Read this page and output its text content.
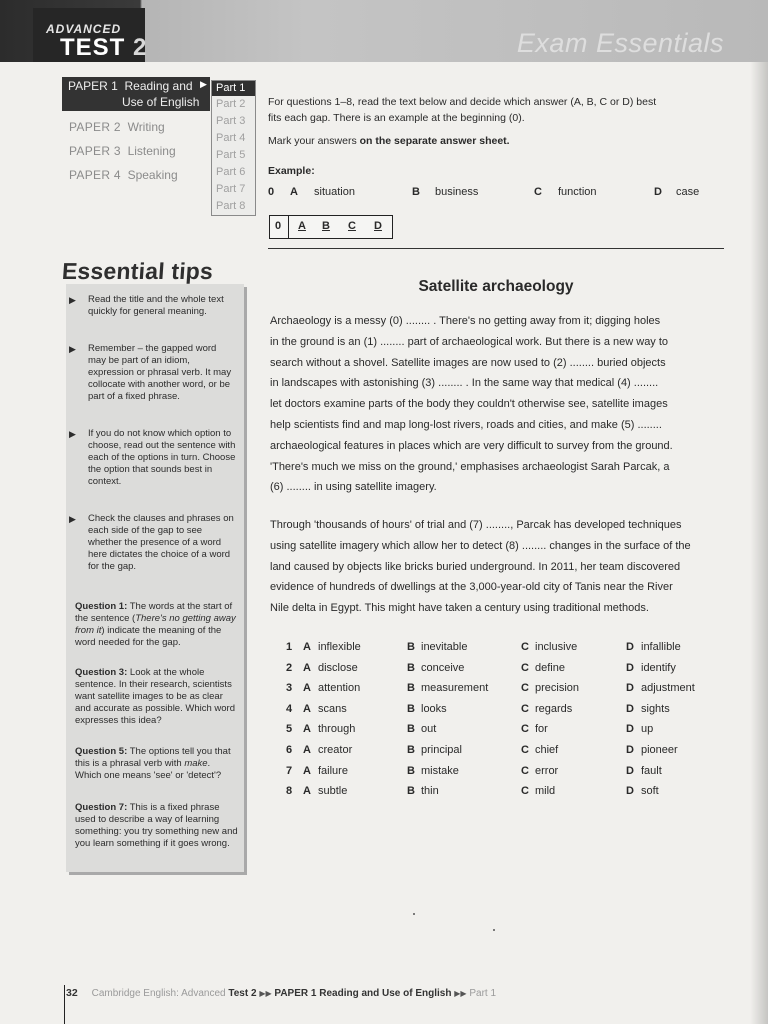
ADVANCED
TEST 2	Exam Essentials
PAPER 1 Reading and
Use of English
▶
PAPER 2 Writing
PAPER 3 Listening
PAPER 4 Speaking
Part 1
Part 2
Part 3
Part 4
Part 5
Part 6
Part 7
Part 8
Essential tips
▶ Read the title and the whole text quickly for general meaning.
▶ Remember – the gapped word may be part of an idiom, expression or phrasal verb. It may collocate with another word, or be part of a fixed phrase.
▶ If you do not know which option to choose, read out the sentence with each of the options in turn. Choose the option that sounds best in context.
▶ Check the clauses and phrases on each side of the gap to see whether the presence of a word here dictates the choice of a word for the gap.
Question 1: The words at the start of the sentence (There's no getting away from it) indicate the meaning of the word needed for the gap.
Question 3: Look at the whole sentence. In their research, scientists want satellite images to be as clear and accurate as possible. Which word expresses this idea?
Question 5: The options tell you that this is a phrasal verb with make. Which one means 'see' or 'detect'?
Question 7: This is a fixed phrase used to describe a way of learning something: you try something new and you learn something if it goes wrong.
For questions 1–8, read the text below and decide which answer (A, B, C or D) best
fits each gap. There is an example at the beginning (0).
Mark your answers on the separate answer sheet.
Example:
0 A situation	B business	C function	D case
0 A B C D
Satellite archaeology
Archaeology is a messy (0) ........ . There's no getting away from it; digging holes
in the ground is an (1) ........ part of archaeological work. But there is a new way to
search without a shovel. Satellite images are now used to (2) ........ buried objects
in landscapes with astonishing (3) ........ . In the same way that medical (4) ........
let doctors examine parts of the body they couldn't otherwise see, satellite images
help scientists find and map long-lost rivers, roads and cities, and make (5) ........
archaeological features in places which are very difficult to survey from the ground.
'There's much we miss on the ground,' emphasises archaeologist Sarah Parcak, a
(6) ........ in using satellite imagery.
Through 'thousands of hours' of trial and (7) ........, Parcak has developed techniques
using satellite imagery which allow her to detect (8) ........ changes in the surface of the
land caused by objects like bricks buried underground. In 2011, her team discovered
evidence of hundreds of dwellings at the 3,000-year-old city of Tanis near the River
Nile delta in Egypt. This might have taken a century using traditional methods.
1 A inflexible	B inevitable	C inclusive	D infallible
2 A disclose	B conceive	C define	D identify
3 A attention	B measurement	C precision	D adjustment
4 A scans	B looks	C regards	D sights
5 A through	B out	C for	D up
6 A creator	B principal	C chief	D pioneer
7 A failure	B mistake	C error	D fault
8 A subtle	B thin	C mild	D soft
32 Cambridge English: Advanced Test 2 ▶▶ PAPER 1 Reading and Use of English ▶▶ Part 1
